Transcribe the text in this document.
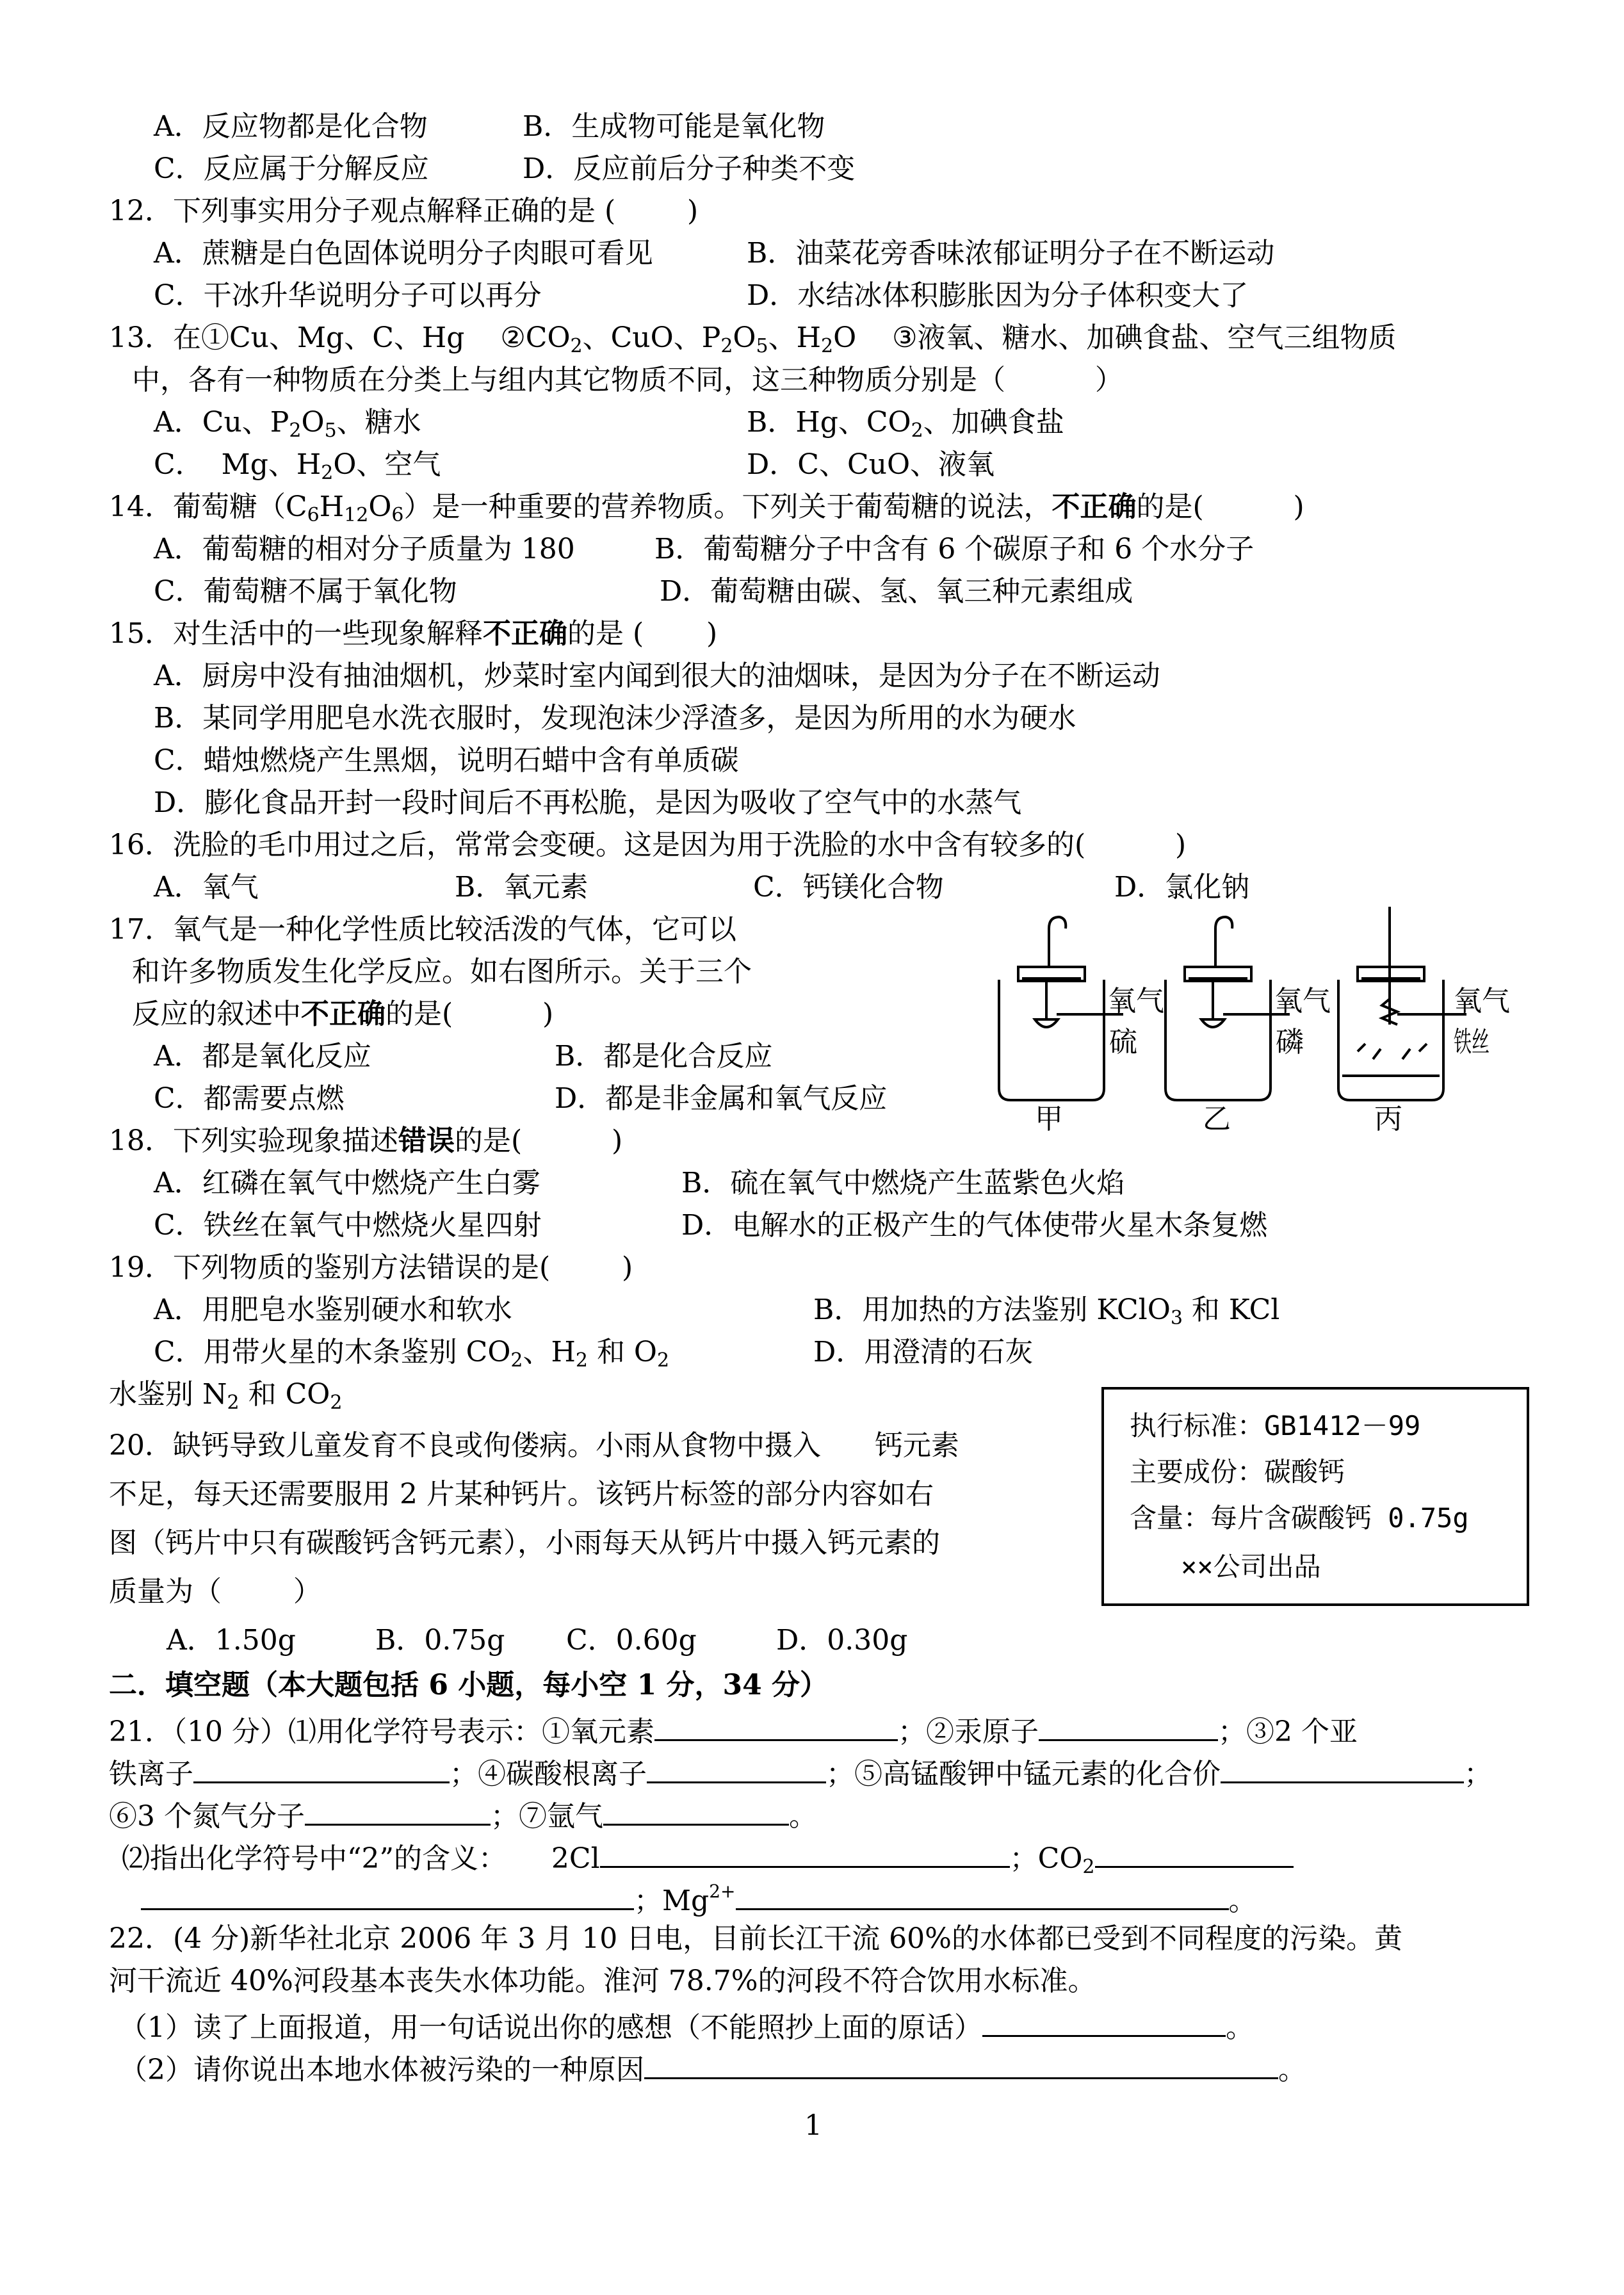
A．反应物都是化合物	B．生成物可能是氧化物
C．反应属于分解反应	D．反应前后分子种类不变
12．下列事实用分子观点解释正确的是 (        )
A．蔗糖是白色固体说明分子肉眼可看见	B．油菜花旁香味浓郁证明分子在不断运动
C．干冰升华说明分子可以再分	D．水结冰体积膨胀因为分子体积变大了
13．在①Cu、Mg、C、Hg    $②CO_2$、CuO、$P_2O_5$、$H_2O$    ③液氧、糖水、加碘食盐、空气三组物质
中，各有一种物质在分类上与组内其它物质不同，这三种物质分别是（          ）
A．Cu、$P_2O_5$、糖水	B．Hg、$CO_2$、加碘食盐
C．  Mg、$H_2O$、空气	D．C、CuO、液氧
14．葡萄糖$(C_6H_{12}O_6)$是一种重要的营养物质。下列关于葡萄糖的说法，不正确的是(          )
A．葡萄糖的相对分子质量为 180	B．葡萄糖分子中含有 6 个碳原子和 6 个水分子
C．葡萄糖不属于氧化物	D．葡萄糖由碳、氢、氧三种元素组成
15．对生活中的一些现象解释不正确的是 (       )
A．厨房中没有抽油烟机，炒菜时室内闻到很大的油烟味，是因为分子在不断运动
B．某同学用肥皂水洗衣服时，发现泡沫少浮渣多，是因为所用的水为硬水
C．蜡烛燃烧产生黑烟，说明石蜡中含有单质碳
D．膨化食品开封一段时间后不再松脆，是因为吸收了空气中的水蒸气
16．洗脸的毛巾用过之后，常常会变硬。这是因为用于洗脸的水中含有较多的(          )
A．氧气	B．氧元素	C．钙镁化合物	D．氯化钠
17．氧气是一种化学性质比较活泼的气体，它可以
和许多物质发生化学反应。如右图所示。关于三个
反应的叙述中不正确的是(          )
A．都是氧化反应	B．都是化合反应
C．都需要点燃	D．都是非金属和氧气反应
氧气
硫
甲
氧气
磷
乙
氧气
铁丝
丙
18．下列实验现象描述错误的是(          )
A．红磷在氧气中燃烧产生白雾	B．硫在氧气中燃烧产生蓝紫色火焰
C．铁丝在氧气中燃烧火星四射	D．电解水的正极产生的气体使带火星木条复燃
19．下列物质的鉴别方法错误的是(        )
A．用肥皂水鉴别硬水和软水	B．用加热的方法鉴别 KClO$_3$ 和 KCl
C．用带火星的木条鉴别 $CO_2$、$H_2$ 和 $O_2$	D．用澄清的石灰
水鉴别 $N_2$ 和 $CO_2$
20．缺钙导致儿童发育不良或佝偻病。小雨从食物中摄入      钙元素
不足，每天还需要服用 2 片某种钙片。该钙片标签的部分内容如右
图（钙片中只有碳酸钙含钙元素），小雨每天从钙片中摄入钙元素的
质量为（        ）
A．1.50g	B．0.75g C．0.60g	D．0.30g
执行标准：GB1412－99
主要成份：碳酸钙
含量：每片含碳酸钙 0.75g
××公司出品
二．填空题（本大题包括 6 小题，每小空 1 分，34 分）
21．（10 分）⑴用化学符号表示：①氧元素	；②汞原子	；③2 个亚
铁离子	；④碳酸根离子	；⑤高锰酸钾中锰元素的化合价	；
⑥3 个氮气分子	；⑦氩气	。
⑵指出化学符号中“2”的含义：     2Cl	；$CO_2$
；$Mg^{2+}$	。
22．(4 分)新华社北京 2006 年 3 月 10 日电，目前长江干流 60%的水体都已受到不同程度的污染。黄
河干流近 40%河段基本丧失水体功能。淮河 78.7%的河段不符合饮用水标准。
（1）读了上面报道，用一句话说出你的感想（不能照抄上面的原话）	。
（2）请你说出本地水体被污染的一种原因	。
1
